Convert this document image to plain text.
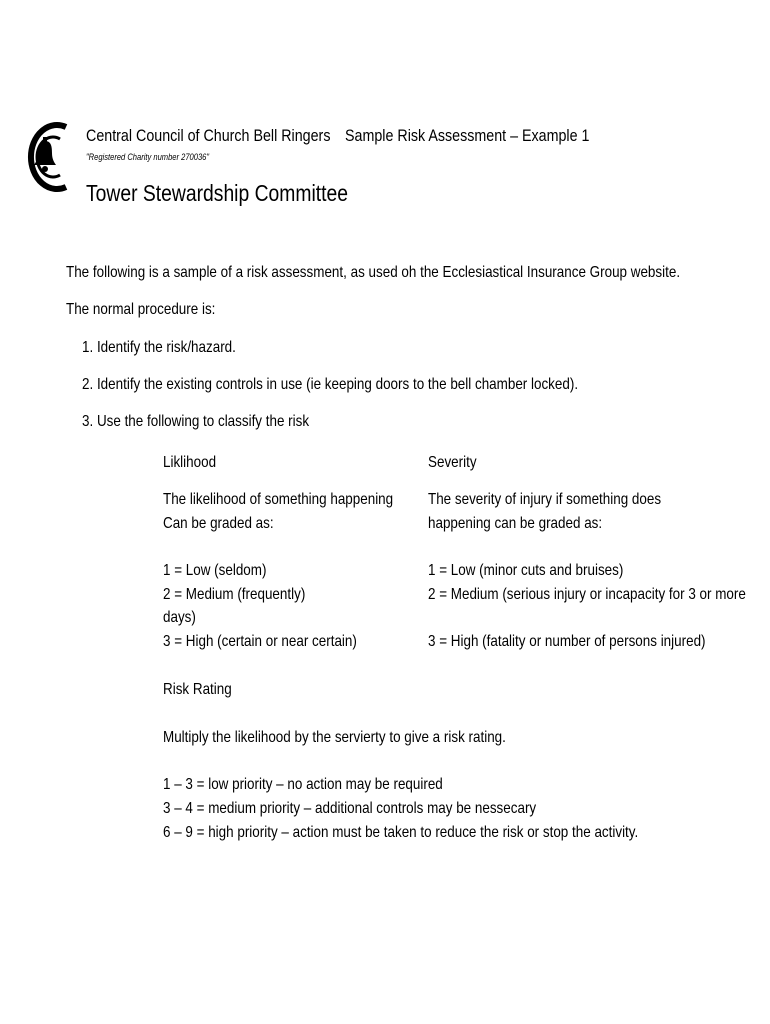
Central Council of Church Bell Ringers
"Registered Charity number 270036"
Sample Risk Assessment – Example 1
Tower Stewardship Committee
The following is a sample of a risk assessment, as used oh the Ecclesiastical Insurance Group website.
The normal procedure is:
1. Identify the risk/hazard.
2. Identify the existing controls in use (ie keeping doors to the bell chamber locked).
3. Use the following to classify the risk
Liklihood
The likelihood of something happening
Can be graded as:
1 = Low (seldom)
2 = Medium (frequently)
days)
3 = High (certain or near certain)
Severity
The severity of injury if something does
happening can be graded as:
1 = Low (minor cuts and bruises)
2 = Medium (serious injury or incapacity for 3 or more
3 = High (fatality or number of persons injured)
Risk Rating
Multiply the likelihood by the servierty to give a risk rating.
1 – 3 = low priority – no action may be required
3 – 4 = medium priority – additional controls may be nessecary
6 – 9 = high priority – action must be taken to reduce the risk or stop the activity.
